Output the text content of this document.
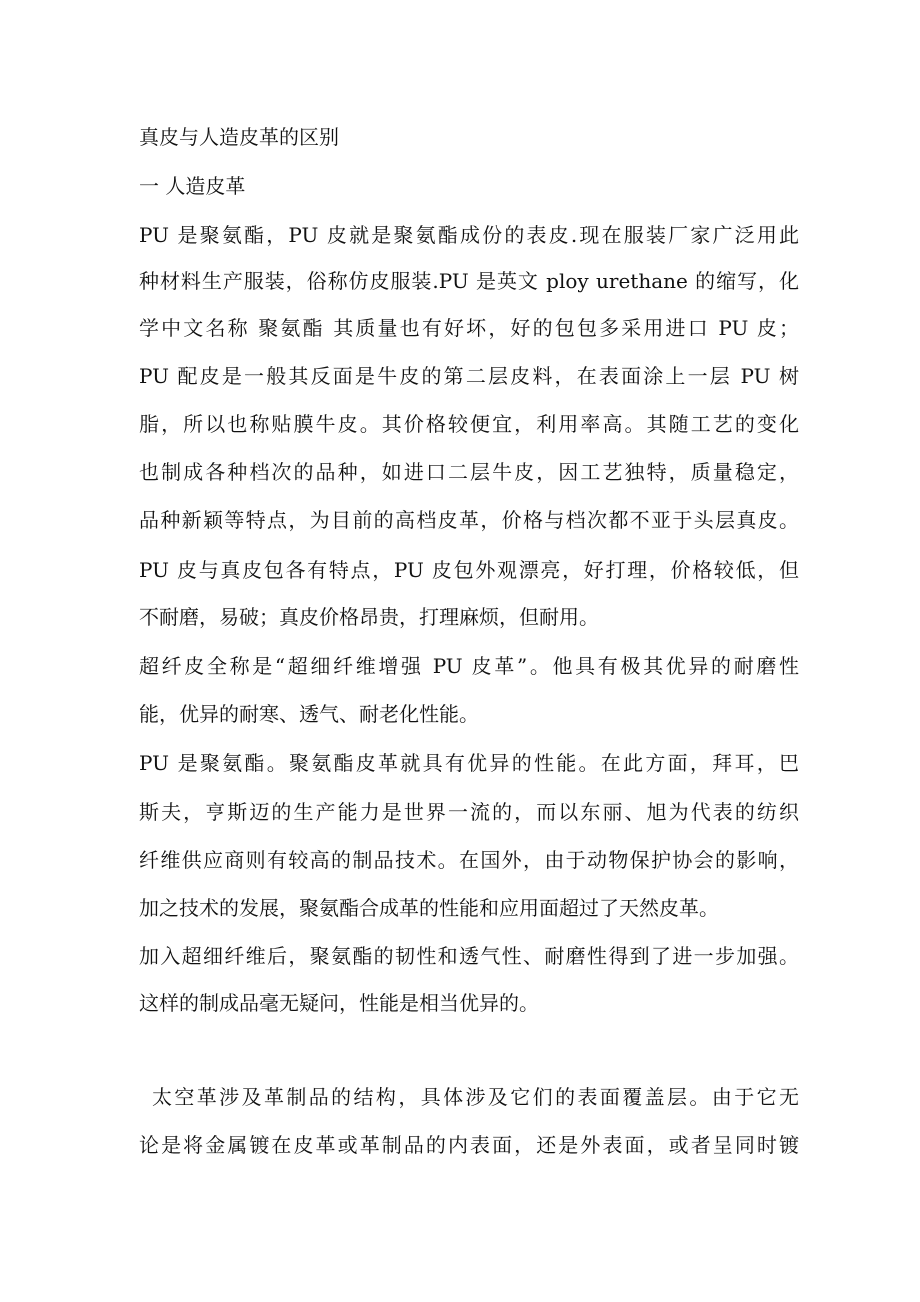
真皮与人造皮革的区别
一 人造皮革
PU 是聚氨酯，PU 皮就是聚氨酯成份的表皮.现在服装厂家广泛用此
种材料生产服装，俗称仿皮服装.PU 是英文 ploy urethane 的缩写，化
学中文名称 聚氨酯 其质量也有好坏，好的包包多采用进口 PU 皮；
PU 配皮是一般其反面是牛皮的第二层皮料，在表面涂上一层 PU 树
脂，所以也称贴膜牛皮。其价格较便宜，利用率高。其随工艺的变化
也制成各种档次的品种，如进口二层牛皮，因工艺独特，质量稳定，
品种新颖等特点，为目前的高档皮革，价格与档次都不亚于头层真皮。
PU 皮与真皮包各有特点，PU 皮包外观漂亮，好打理，价格较低，但
不耐磨，易破；真皮价格昂贵，打理麻烦，但耐用。
超纤皮全称是“超细纤维增强 PU 皮革”。他具有极其优异的耐磨性
能，优异的耐寒、透气、耐老化性能。
PU 是聚氨酯。聚氨酯皮革就具有优异的性能。在此方面，拜耳，巴
斯夫，亨斯迈的生产能力是世界一流的，而以东丽、旭为代表的纺织
纤维供应商则有较高的制品技术。在国外，由于动物保护协会的影响，
加之技术的发展，聚氨酯合成革的性能和应用面超过了天然皮革。
加入超细纤维后，聚氨酯的韧性和透气性、耐磨性得到了进一步加强。
这样的制成品毫无疑问，性能是相当优异的。
太空革涉及革制品的结构，具体涉及它们的表面覆盖层。由于它无
论是将金属镀在皮革或革制品的内表面，还是外表面，或者呈同时镀
